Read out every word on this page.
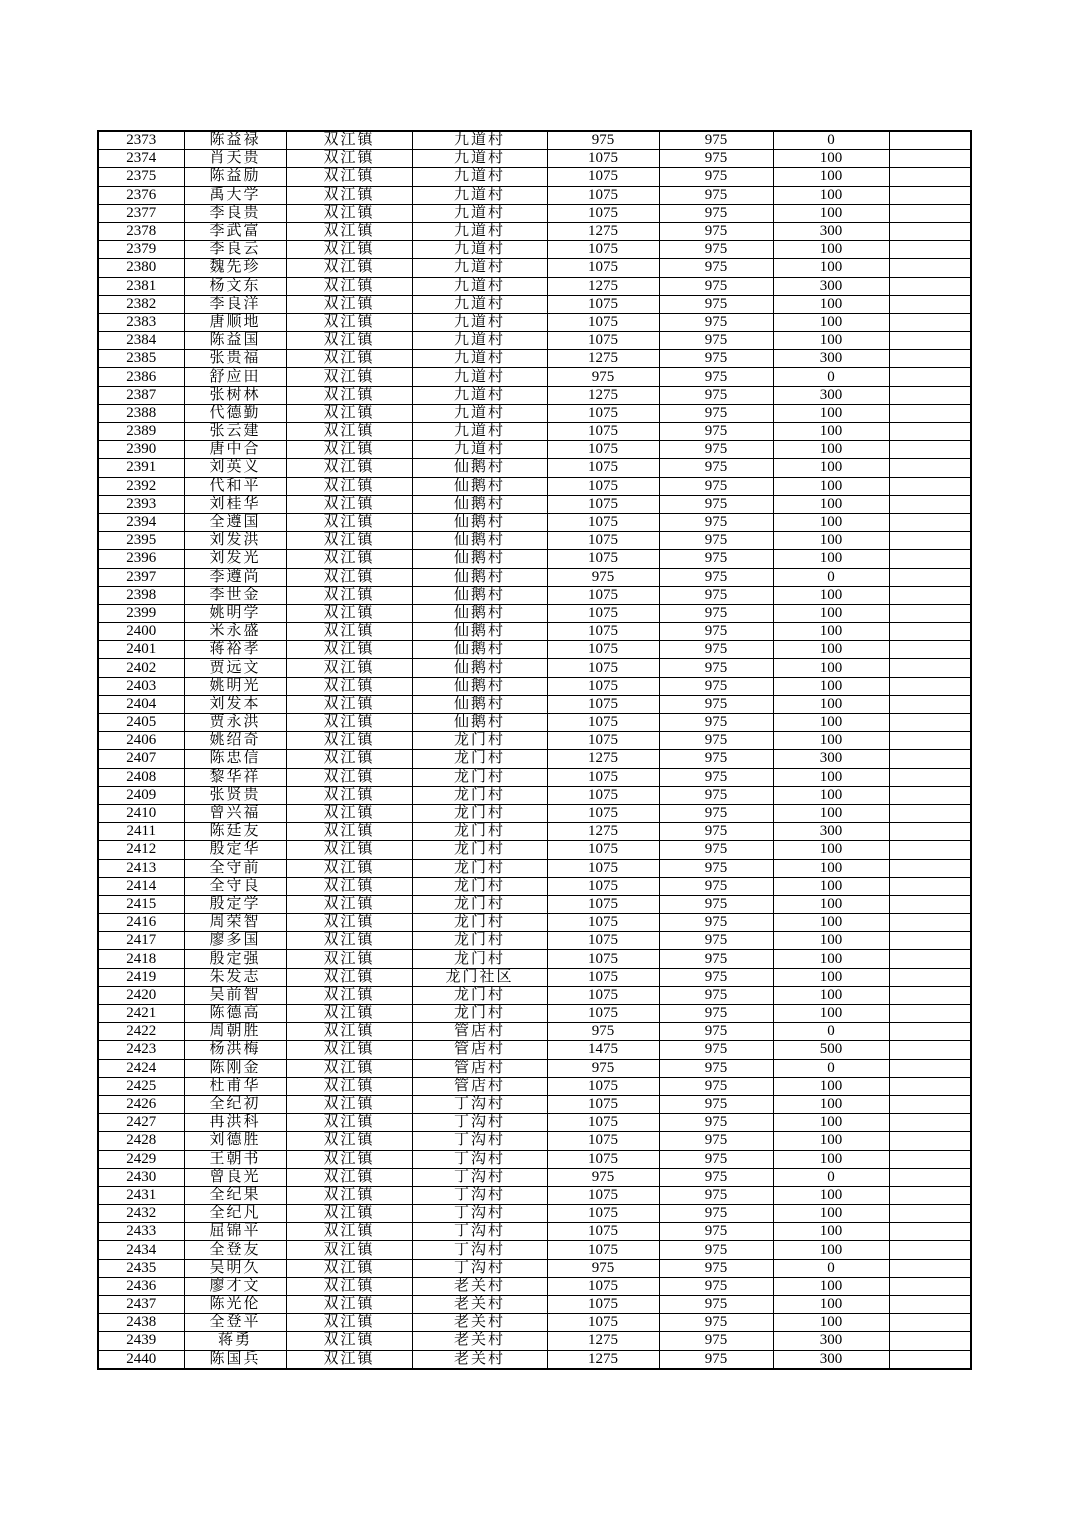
2373	陈益禄	双江镇	九道村	975	975	0	
2374	肖天贵	双江镇	九道村	1075	975	100	
2375	陈益励	双江镇	九道村	1075	975	100	
2376	禹大学	双江镇	九道村	1075	975	100	
2377	李良贵	双江镇	九道村	1075	975	100	
2378	李武富	双江镇	九道村	1275	975	300	
2379	李良云	双江镇	九道村	1075	975	100	
2380	魏先珍	双江镇	九道村	1075	975	100	
2381	杨文东	双江镇	九道村	1275	975	300	
2382	李良洋	双江镇	九道村	1075	975	100	
2383	唐顺地	双江镇	九道村	1075	975	100	
2384	陈益国	双江镇	九道村	1075	975	100	
2385	张贵福	双江镇	九道村	1275	975	300	
2386	舒应田	双江镇	九道村	975	975	0	
2387	张树林	双江镇	九道村	1275	975	300	
2388	代德勤	双江镇	九道村	1075	975	100	
2389	张云建	双江镇	九道村	1075	975	100	
2390	唐中合	双江镇	九道村	1075	975	100	
2391	刘英义	双江镇	仙鹅村	1075	975	100	
2392	代和平	双江镇	仙鹅村	1075	975	100	
2393	刘桂华	双江镇	仙鹅村	1075	975	100	
2394	全遵国	双江镇	仙鹅村	1075	975	100	
2395	刘发洪	双江镇	仙鹅村	1075	975	100	
2396	刘发光	双江镇	仙鹅村	1075	975	100	
2397	李遵尚	双江镇	仙鹅村	975	975	0	
2398	李世金	双江镇	仙鹅村	1075	975	100	
2399	姚明学	双江镇	仙鹅村	1075	975	100	
2400	米永盛	双江镇	仙鹅村	1075	975	100	
2401	蒋裕孝	双江镇	仙鹅村	1075	975	100	
2402	贾远文	双江镇	仙鹅村	1075	975	100	
2403	姚明光	双江镇	仙鹅村	1075	975	100	
2404	刘发本	双江镇	仙鹅村	1075	975	100	
2405	贾永洪	双江镇	仙鹅村	1075	975	100	
2406	姚绍奇	双江镇	龙门村	1075	975	100	
2407	陈忠信	双江镇	龙门村	1275	975	300	
2408	黎华祥	双江镇	龙门村	1075	975	100	
2409	张贤贵	双江镇	龙门村	1075	975	100	
2410	曾兴福	双江镇	龙门村	1075	975	100	
2411	陈廷友	双江镇	龙门村	1275	975	300	
2412	殷定华	双江镇	龙门村	1075	975	100	
2413	全守前	双江镇	龙门村	1075	975	100	
2414	全守良	双江镇	龙门村	1075	975	100	
2415	殷定学	双江镇	龙门村	1075	975	100	
2416	周荣智	双江镇	龙门村	1075	975	100	
2417	廖多国	双江镇	龙门村	1075	975	100	
2418	殷定强	双江镇	龙门村	1075	975	100	
2419	朱发志	双江镇	龙门社区	1075	975	100	
2420	吴前智	双江镇	龙门村	1075	975	100	
2421	陈德高	双江镇	龙门村	1075	975	100	
2422	周朝胜	双江镇	管店村	975	975	0	
2423	杨洪梅	双江镇	管店村	1475	975	500	
2424	陈刚金	双江镇	管店村	975	975	0	
2425	杜甫华	双江镇	管店村	1075	975	100	
2426	全纪初	双江镇	丁沟村	1075	975	100	
2427	冉洪科	双江镇	丁沟村	1075	975	100	
2428	刘德胜	双江镇	丁沟村	1075	975	100	
2429	王朝书	双江镇	丁沟村	1075	975	100	
2430	曾良光	双江镇	丁沟村	975	975	0	
2431	全纪果	双江镇	丁沟村	1075	975	100	
2432	全纪凡	双江镇	丁沟村	1075	975	100	
2433	屈锦平	双江镇	丁沟村	1075	975	100	
2434	全登友	双江镇	丁沟村	1075	975	100	
2435	吴明久	双江镇	丁沟村	975	975	0	
2436	廖才文	双江镇	老关村	1075	975	100	
2437	陈光伦	双江镇	老关村	1075	975	100	
2438	全登平	双江镇	老关村	1075	975	100	
2439	蒋勇	双江镇	老关村	1275	975	300	
2440	陈国兵	双江镇	老关村	1275	975	300	
